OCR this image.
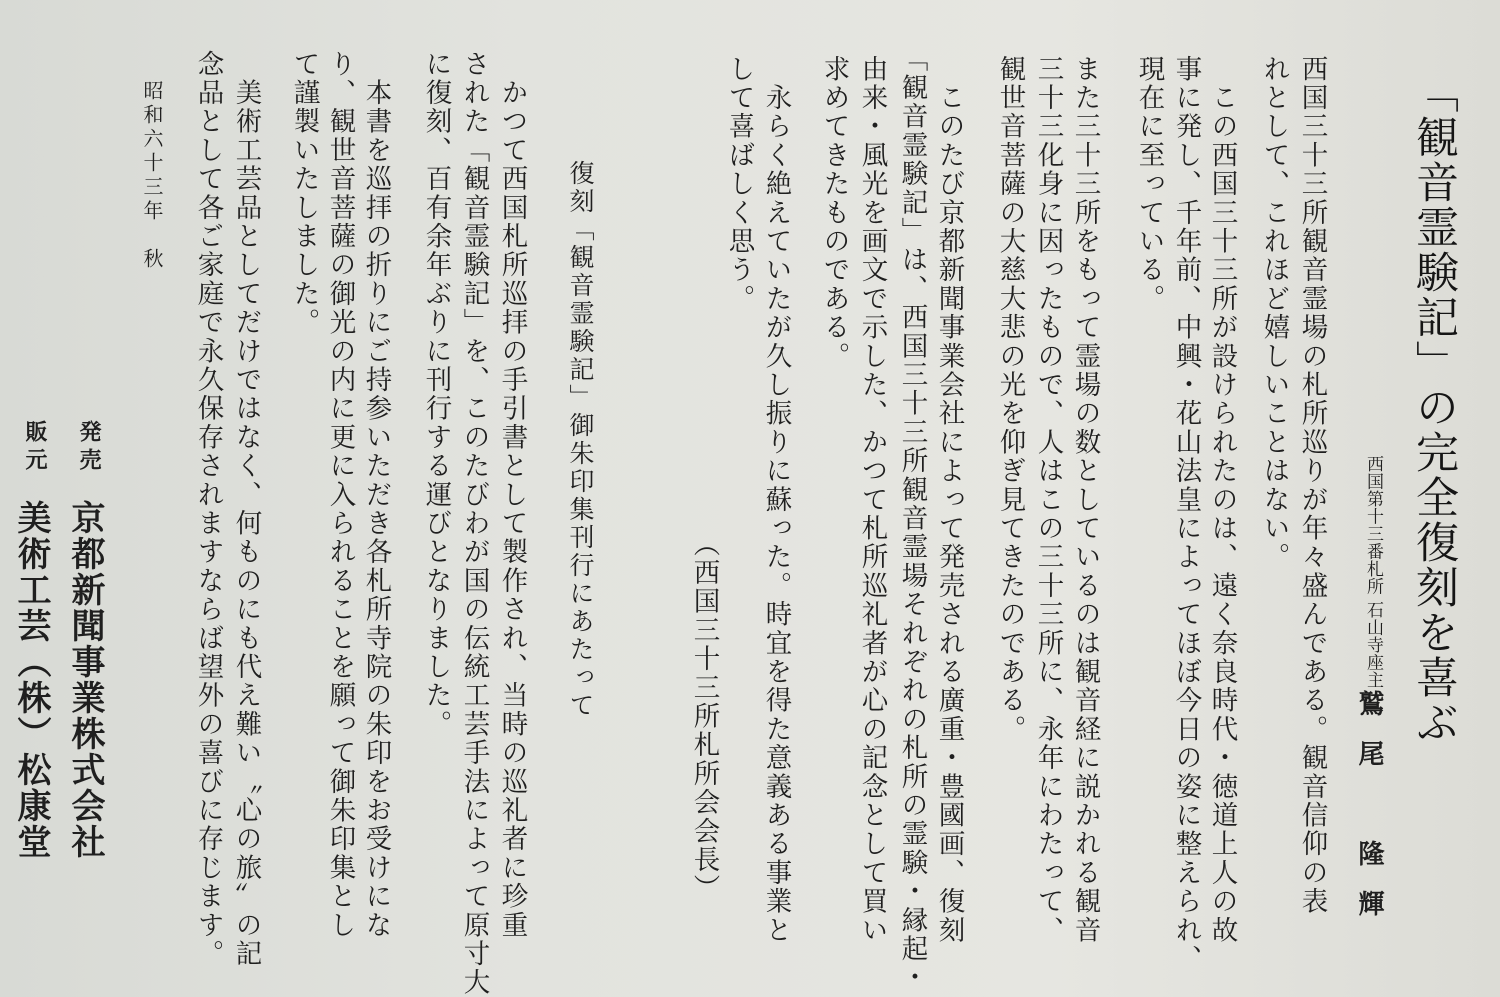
「観音霊験記」の完全復刻を喜ぶ
西国第十三番札所 石山寺座主
鷲尾　隆輝
西国三十三所観音霊場の札所巡りが年々盛んである。観音信仰の表
れとして、これほど嬉しいことはない。
　この西国三十三所が設けられたのは、遠く奈良時代・徳道上人の故
事に発し、千年前、中興・花山法皇によってほぼ今日の姿に整えられ、
現在に至っている。
また三十三所をもって霊場の数としているのは観音経に説かれる観音
三十三化身に因ったもので、人はこの三十三所に、永年にわたって、
観世音菩薩の大慈大悲の光を仰ぎ見てきたのである。
　このたび京都新聞事業会社によって発売される廣重・豊國画、復刻
「観音霊験記」は、西国三十三所観音霊場それぞれの札所の霊験・縁起・
由来・風光を画文で示した、かつて札所巡礼者が心の記念として買い
求めてきたものである。
　永らく絶えていたが久し振りに蘇った。時宜を得た意義ある事業と
して喜ばしく思う。
（西国三十三所札所会会長）
復刻「観音霊験記」御朱印集刊行にあたって
　かつて西国札所巡拝の手引書として製作され、当時の巡礼者に珍重
された「観音霊験記」を、このたびわが国の伝統工芸手法によって原寸大
に復刻、百有余年ぶりに刊行する運びとなりました。
　本書を巡拝の折りにご持参いただき各札所寺院の朱印をお受けにな
り、観世音菩薩の御光の内に更に入られることを願って御朱印集とし
て謹製いたしました。
　美術工芸品としてだけではなく、何ものにも代え難い〝心の旅〟の記
念品として各ご家庭で永久保存されますならば望外の喜びに存じます。
昭和六十三年　秋
発売
京都新聞事業株式会社
販元
美術工芸（株）松康堂
